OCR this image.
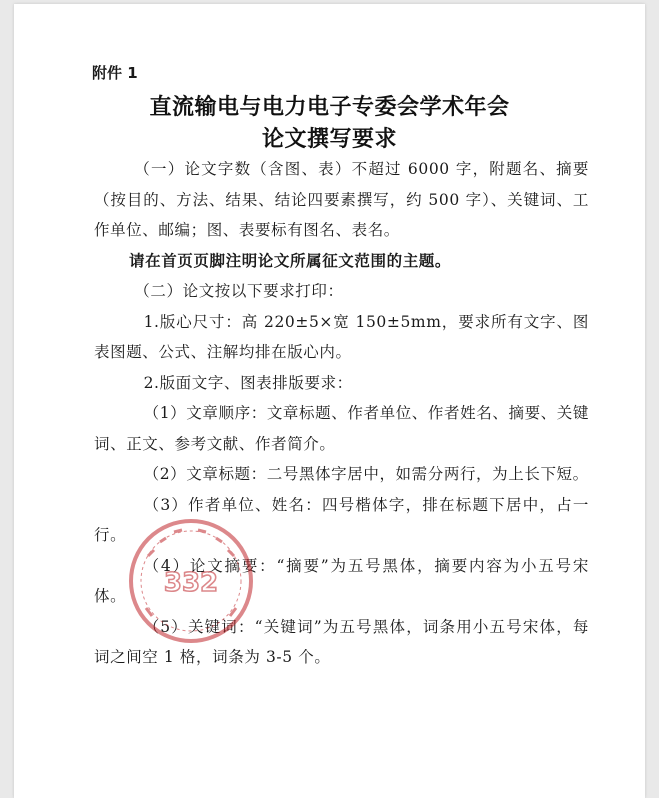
附件 1
直流输电与电力电子专委会学术年会
论文撰写要求

（一）论文字数（含图、表）不超过 6000 字，附题名、摘要（按目的、方法、结果、结论四要素撰写，约 500 字）、关键词、工作单位、邮编；图、表要标有图名、表名。

请在首页页脚注明论文所属征文范围的主题。

（二）论文按以下要求打印：

1.版心尺寸：高 220±5×宽 150±5mm，要求所有文字、图表图题、公式、注解均排在版心内。

2.版面文字、图表排版要求：

（1）文章顺序：文章标题、作者单位、作者姓名、摘要、关键词、正文、参考文献、作者简介。

（2）文章标题：二号黑体字居中，如需分两行，为上长下短。

（3）作者单位、姓名：四号楷体字，排在标题下居中，占一行。

（4）论文摘要：“摘要”为五号黑体，摘要内容为小五号宋体。

（5）关键词：“关键词”为五号黑体，词条用小五号宋体，每词之间空 1 格，词条为 3-5 个。

332
